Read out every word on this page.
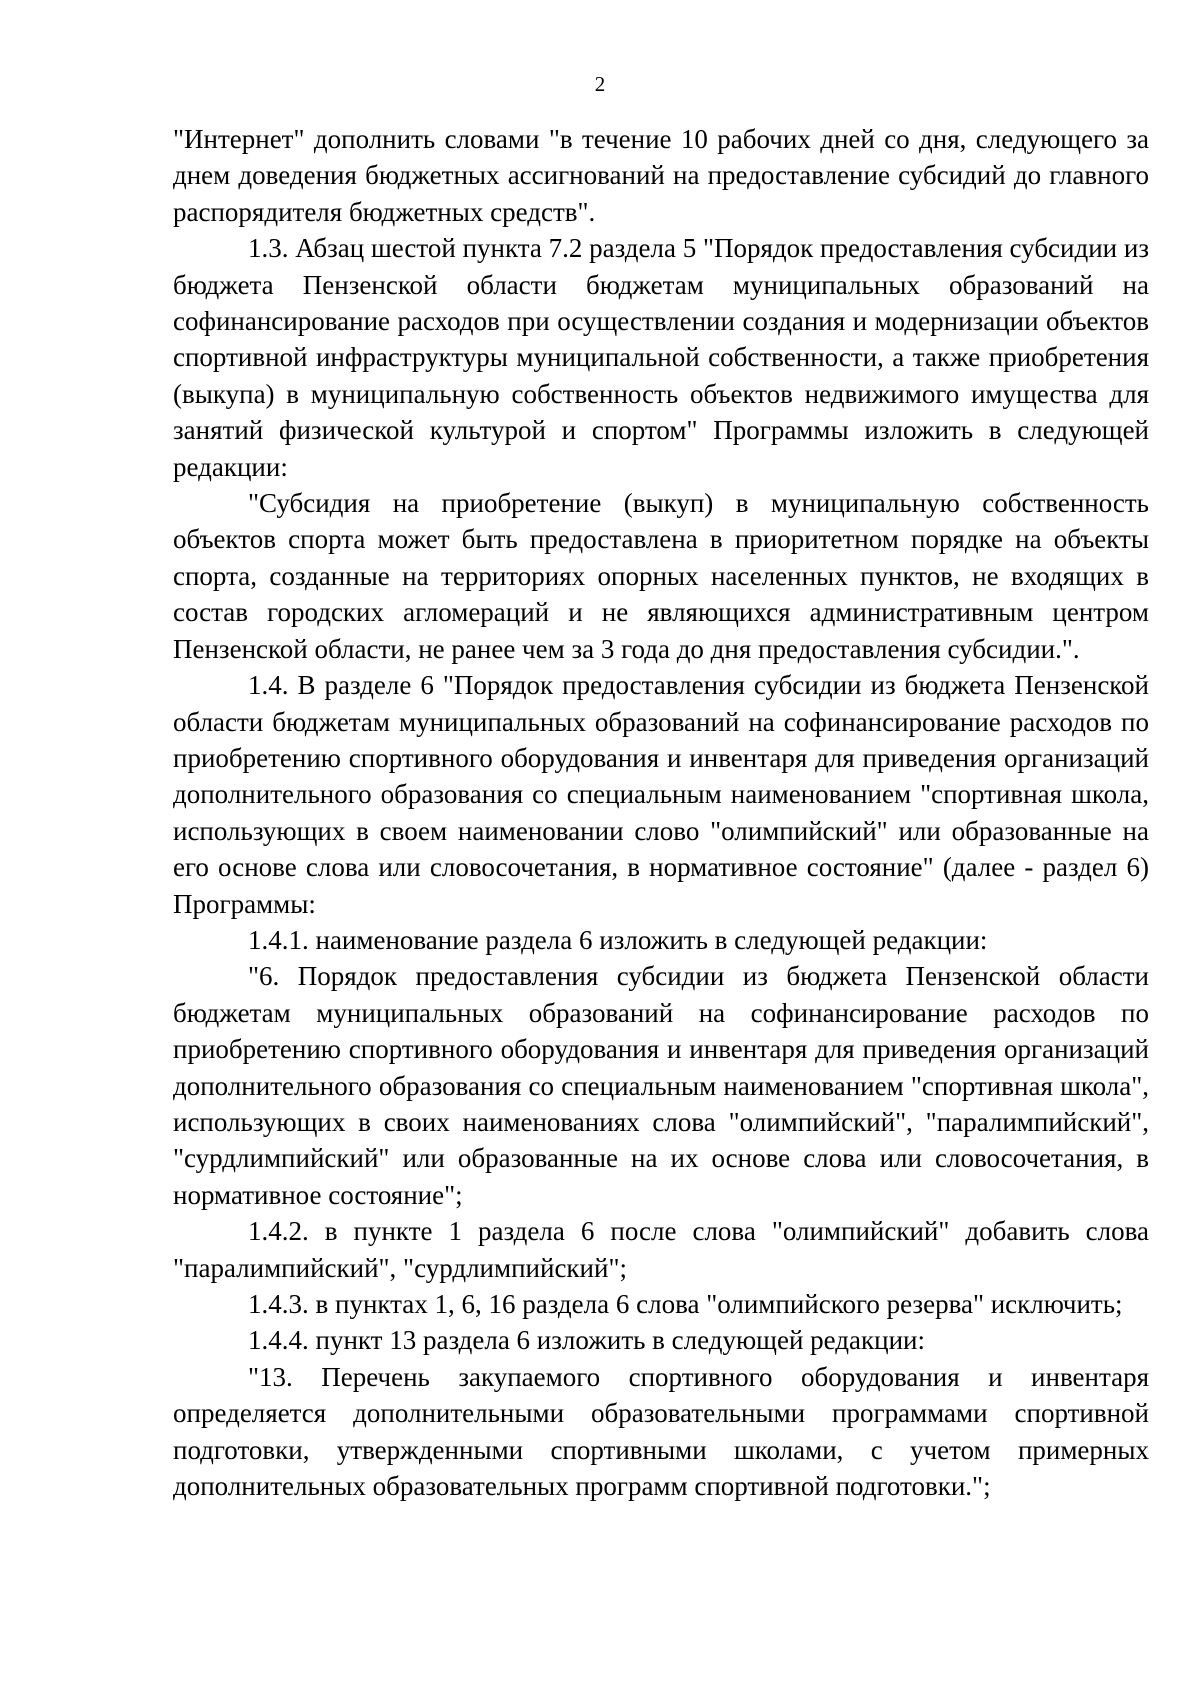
2

"Интернет" дополнить словами "в течение 10 рабочих дней со дня, следующего за днем доведения бюджетных ассигнований на предоставление субсидий до главного распорядителя бюджетных средств".

1.3. Абзац шестой пункта 7.2 раздела 5 "Порядок предоставления субсидии из бюджета Пензенской области бюджетам муниципальных образований на софинансирование расходов при осуществлении создания и модернизации объектов спортивной инфраструктуры муниципальной собственности, а также приобретения (выкупа) в муниципальную собственность объектов недвижимого имущества для занятий физической культурой и спортом" Программы изложить в следующей редакции:

"Субсидия на приобретение (выкуп) в муниципальную собственность объектов спорта может быть предоставлена в приоритетном порядке на объекты спорта, созданные на территориях опорных населенных пунктов, не входящих в состав городских агломераций и не являющихся административным центром Пензенской области, не ранее чем за 3 года до дня предоставления субсидии.".

1.4. В разделе 6 "Порядок предоставления субсидии из бюджета Пензенской области бюджетам муниципальных образований на софинансирование расходов по приобретению спортивного оборудования и инвентаря для приведения организаций дополнительного образования со специальным наименованием "спортивная школа, использующих в своем наименовании слово "олимпийский" или образованные на его основе слова или словосочетания, в нормативное состояние" (далее - раздел 6) Программы:

1.4.1. наименование раздела 6 изложить в следующей редакции:

"6. Порядок предоставления субсидии из бюджета Пензенской области бюджетам муниципальных образований на софинансирование расходов по приобретению спортивного оборудования и инвентаря для приведения организаций дополнительного образования со специальным наименованием "спортивная школа", использующих в своих наименованиях слова "олимпийский", "паралимпийский", "сурдлимпийский" или образованные на их основе слова или словосочетания, в нормативное состояние";

1.4.2. в пункте 1 раздела 6 после слова "олимпийский" добавить слова "паралимпийский", "сурдлимпийский";

1.4.3. в пунктах 1, 6, 16 раздела 6 слова "олимпийского резерва" исключить;

1.4.4. пункт 13 раздела 6 изложить в следующей редакции:

"13. Перечень закупаемого спортивного оборудования и инвентаря определяется дополнительными образовательными программами спортивной подготовки, утвержденными спортивными школами, с учетом примерных дополнительных образовательных программ спортивной подготовки.";
